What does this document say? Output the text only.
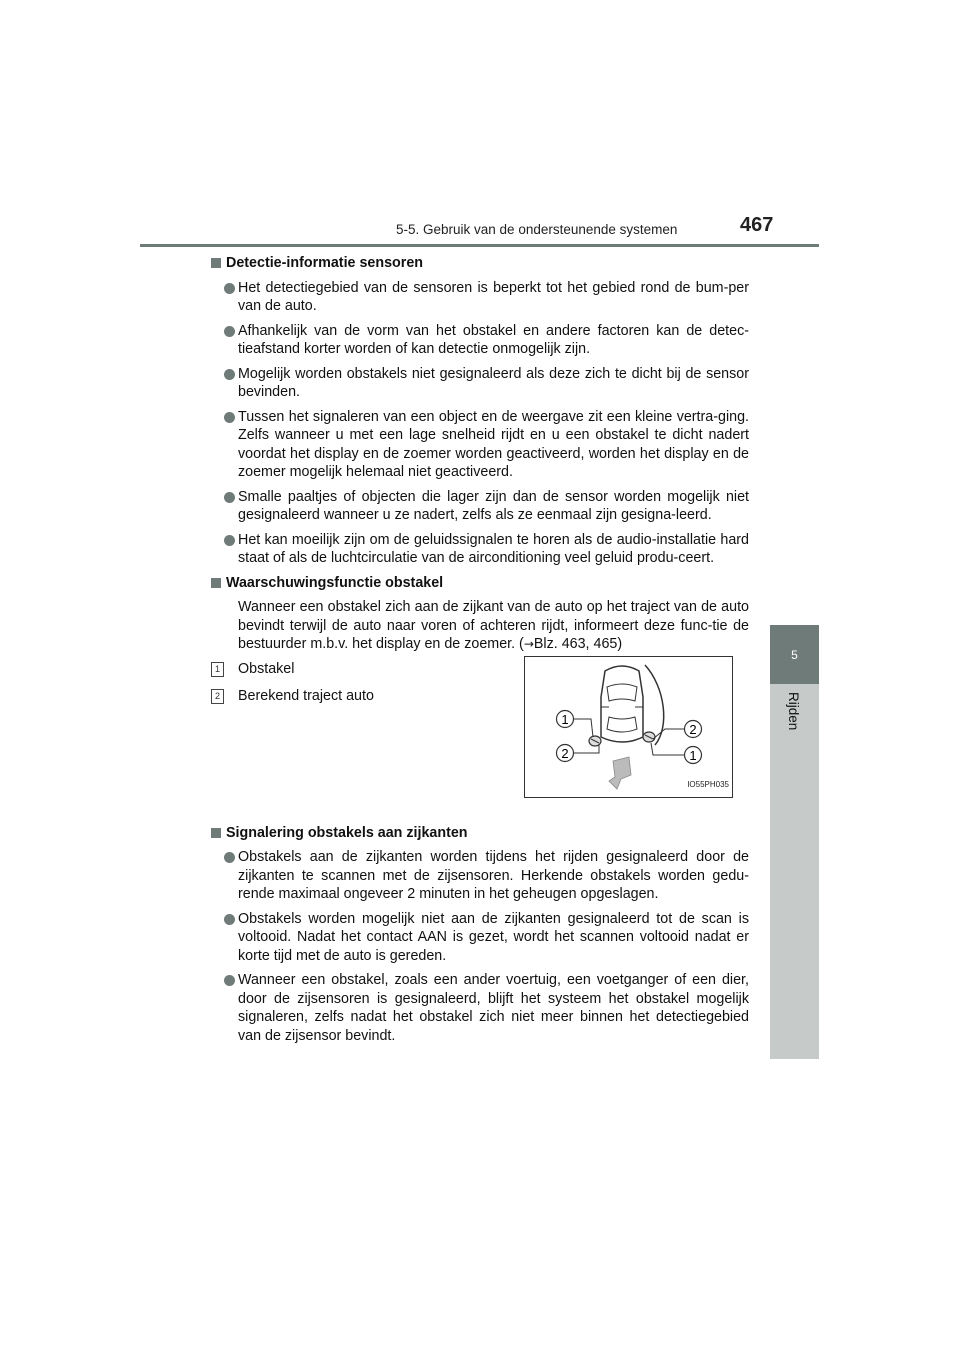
5-5. Gebruik van de ondersteunende systemen	467
5
Rijden
Detectie-informatie sensoren
Het detectiegebied van de sensoren is beperkt tot het gebied rond de bum-per van de auto.
Afhankelijk van de vorm van het obstakel en andere factoren kan de detec-tieafstand korter worden of kan detectie onmogelijk zijn.
Mogelijk worden obstakels niet gesignaleerd als deze zich te dicht bij de sensor bevinden.
Tussen het signaleren van een object en de weergave zit een kleine vertra-ging. Zelfs wanneer u met een lage snelheid rijdt en u een obstakel te dicht nadert voordat het display en de zoemer worden geactiveerd, worden het display en de zoemer mogelijk helemaal niet geactiveerd.
Smalle paaltjes of objecten die lager zijn dan de sensor worden mogelijk niet gesignaleerd wanneer u ze nadert, zelfs als ze eenmaal zijn gesigna-leerd.
Het kan moeilijk zijn om de geluidssignalen te horen als de audio-installatie hard staat of als de luchtcirculatie van de airconditioning veel geluid produ-ceert.
Waarschuwingsfunctie obstakel
Wanneer een obstakel zich aan de zijkant van de auto op het traject van de auto bevindt terwijl de auto naar voren of achteren rijdt, informeert deze func-tie de bestuurder m.b.v. het display en de zoemer. (→Blz. 463, 465)
1 Obstakel
2 Berekend traject auto
1
2
2
1
IO55PH035
Signalering obstakels aan zijkanten
Obstakels aan de zijkanten worden tijdens het rijden gesignaleerd door de zijkanten te scannen met de zijsensoren. Herkende obstakels worden gedu-rende maximaal ongeveer 2 minuten in het geheugen opgeslagen.
Obstakels worden mogelijk niet aan de zijkanten gesignaleerd tot de scan is voltooid. Nadat het contact AAN is gezet, wordt het scannen voltooid nadat er korte tijd met de auto is gereden.
Wanneer een obstakel, zoals een ander voertuig, een voetganger of een dier, door de zijsensoren is gesignaleerd, blijft het systeem het obstakel mogelijk signaleren, zelfs nadat het obstakel zich niet meer binnen het detectiegebied van de zijsensor bevindt.
